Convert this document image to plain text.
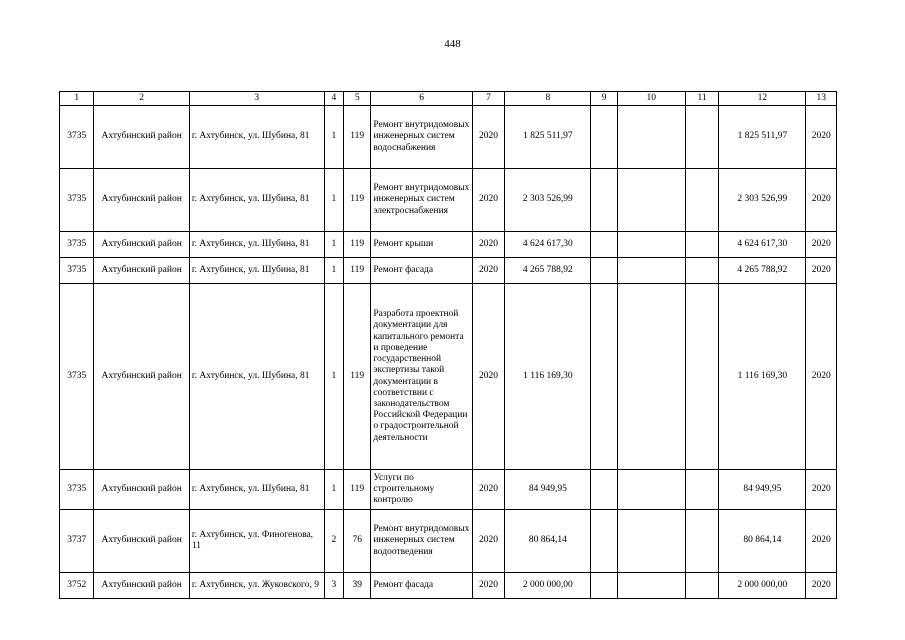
448
1	2	3	4	5	6	7	8	9	10	11	12	13
3735	Ахтубинский район	г. Ахтубинск, ул. Шубина, 81	1	119	Ремонт внутридомовых инженерных систем водоснабжения	2020	1 825 511,97				1 825 511,97	2020
3735	Ахтубинский район	г. Ахтубинск, ул. Шубина, 81	1	119	Ремонт внутридомовых инженерных систем электроснабжения	2020	2 303 526,99				2 303 526,99	2020
3735	Ахтубинский район	г. Ахтубинск, ул. Шубина, 81	1	119	Ремонт крыши	2020	4 624 617,30				4 624 617,30	2020
3735	Ахтубинский район	г. Ахтубинск, ул. Шубина, 81	1	119	Ремонт фасада	2020	4 265 788,92				4 265 788,92	2020
3735	Ахтубинский район	г. Ахтубинск, ул. Шубина, 81	1	119	Разработа проектной документации для капитального ремонта и проведение государственной экспертизы такой документации в соответствии с законодательством Российской Федерации о градостроительной деятельности	2020	1 116 169,30				1 116 169,30	2020
3735	Ахтубинский район	г. Ахтубинск, ул. Шубина, 81	1	119	Услуги по строительному контролю	2020	84 949,95				84 949,95	2020
3737	Ахтубинский район	г. Ахтубинск, ул. Финогенова, 11	2	76	Ремонт внутридомовых инженерных систем водоотведения	2020	80 864,14				80 864,14	2020
3752	Ахтубинский район	г. Ахтубинск, ул. Жуковского, 9	3	39	Ремонт фасада	2020	2 000 000,00				2 000 000,00	2020
